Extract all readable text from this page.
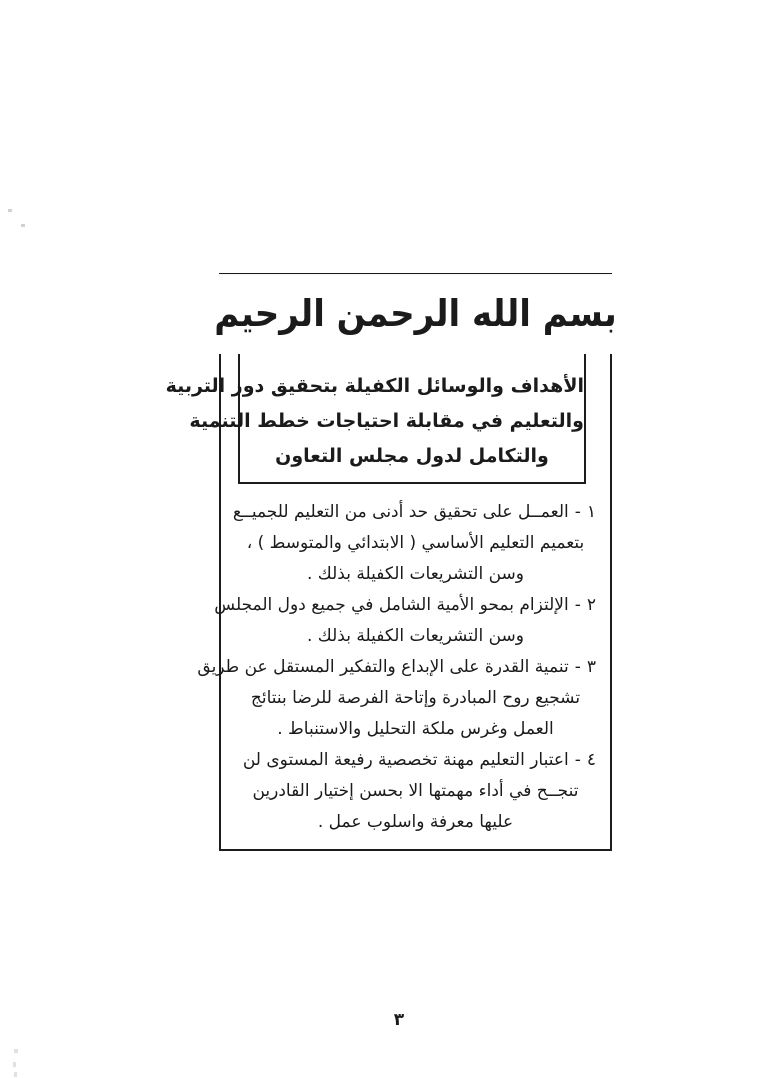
بسم الله الرحمن الرحيم
الأهداف والوسائل الكفيلة بتحقيق دور التربية
والتعليم في مقابلة احتياجات خطط التنمية
والتكامل لدول مجلس التعاون
١-العمــل على تحقيق حد أدنى من التعليم للجميــع
بتعميم التعليم الأساسي ( الابتدائي والمتوسط ) ،
وسن التشريعات الكفيلة بذلك .
٢-الإلتزام بمحو الأمية الشامل في جميع دول المجلس
وسن التشريعات الكفيلة بذلك .
٣-تنمية القدرة على الإبداع والتفكير المستقل عن طريق
تشجيع روح المبادرة وإتاحة الفرصة للرضا بنتائج
العمل وغرس ملكة التحليل والاستنباط .
٤-اعتبار التعليم مهنة تخصصية رفيعة المستوى لن
تنجــح في أداء مهمتها الا بحسن إختيار القادرين
عليها معرفة واسلوب عمل .
٣
